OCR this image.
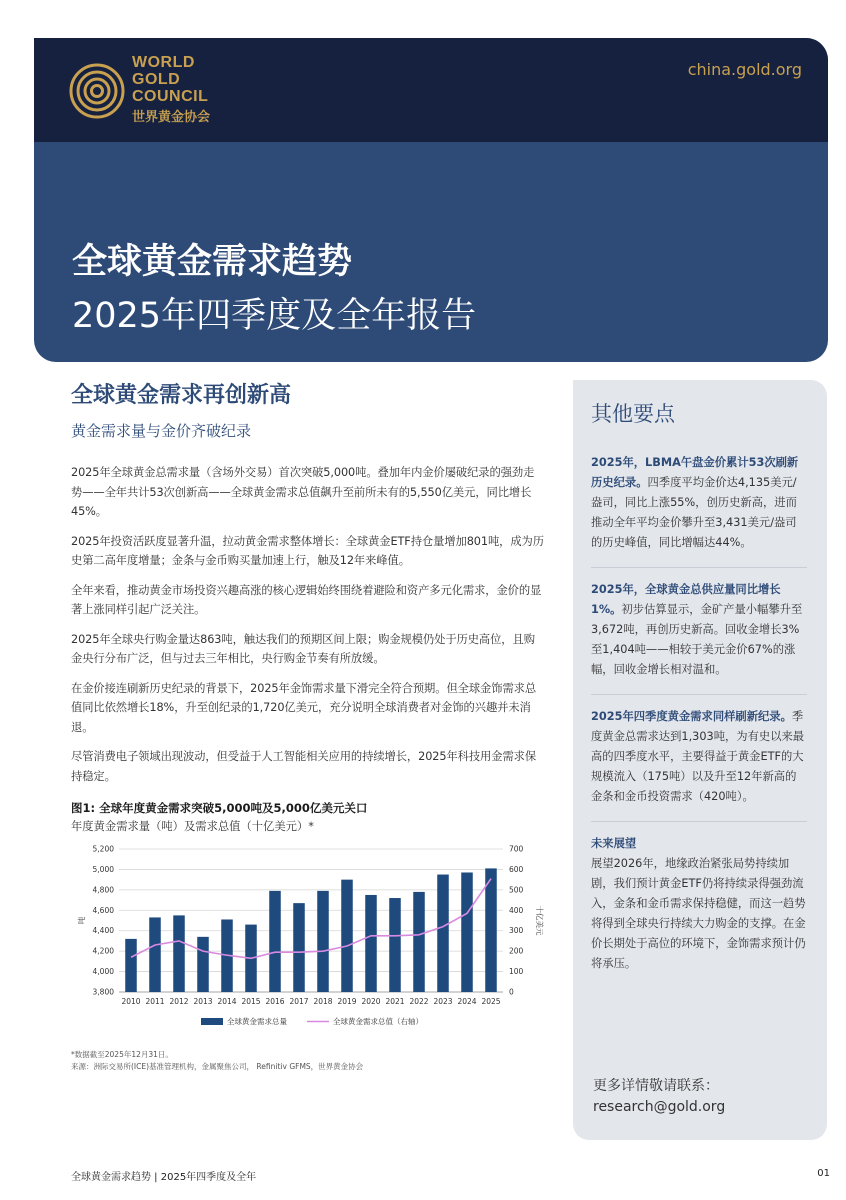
WORLD
GOLD
COUNCIL
世界黄金协会
china.gold.org
全球黄金需求趋势
2025年四季度及全年报告
全球黄金需求再创新高
黄金需求量与金价齐破纪录

2025年全球黄金总需求量（含场外交易）首次突破5,000吨。叠加年内金价屡破纪录的强劲走势——全年共计53次创新高——全球黄金需求总值飙升至前所未有的5,550亿美元，同比增长45%。

2025年投资活跃度显著升温，拉动黄金需求整体增长：全球黄金ETF持仓量增加801吨，成为历史第二高年度增量；金条与金币购买量加速上行，触及12年来峰值。

全年来看，推动黄金市场投资兴趣高涨的核心逻辑始终围绕着避险和资产多元化需求，金价的显著上涨同样引起广泛关注。

2025年全球央行购金量达863吨，触达我们的预期区间上限；购金规模仍处于历史高位，且购金央行分布广泛，但与过去三年相比，央行购金节奏有所放缓。

在金价接连刷新历史纪录的背景下，2025年金饰需求量下滑完全符合预期。但全球金饰需求总值同比依然增长18%，升至创纪录的1,720亿美元，充分说明全球消费者对金饰的兴趣并未消退。

尽管消费电子领域出现波动，但受益于人工智能相关应用的持续增长，2025年科技用金需求保持稳定。

图1: 全球年度黄金需求突破5,000吨及5,000亿美元关口
年度黄金需求量（吨）及需求总值（十亿美元）*
3,800
4,000
4,200
4,400
4,600
4,800
5,000
5,200
0
100
200
300
400
500
600
700
吨	十亿美元
2010 2011 2012 2013 2014 2015 2016 2017 2018 2019 2020 2021 2022 2023 2024 2025
全球黄金需求总量	全球黄金需求总值（右轴）
*数据截至2025年12月31日。
来源：洲际交易所(ICE)基准管理机构，金属聚焦公司， Refinitiv GFMS，世界黄金协会
其他要点
2025年，LBMA午盘金价累计53次刷新历史纪录。四季度平均金价达4,135美元/盎司，同比上涨55%，创历史新高，进而推动全年平均金价攀升至3,431美元/盎司的历史峰值，同比增幅达44%。
2025年，全球黄金总供应量同比增长1%。初步估算显示，金矿产量小幅攀升至3,672吨，再创历史新高。回收金增长3%至1,404吨——相较于美元金价67%的涨幅，回收金增长相对温和。
2025年四季度黄金需求同样刷新纪录。季度黄金总需求达到1,303吨，为有史以来最高的四季度水平，主要得益于黄金ETF的大规模流入（175吨）以及升至12年新高的金条和金币投资需求（420吨）。
未来展望
展望2026年，地缘政治紧张局势持续加剧，我们预计黄金ETF仍将持续录得强劲流入，金条和金币需求保持稳健，而这一趋势将得到全球央行持续大力购金的支撑。在金价长期处于高位的环境下，金饰需求预计仍将承压。
更多详情敬请联系：
research@gold.org
全球黄金需求趋势 | 2025年四季度及全年	01
